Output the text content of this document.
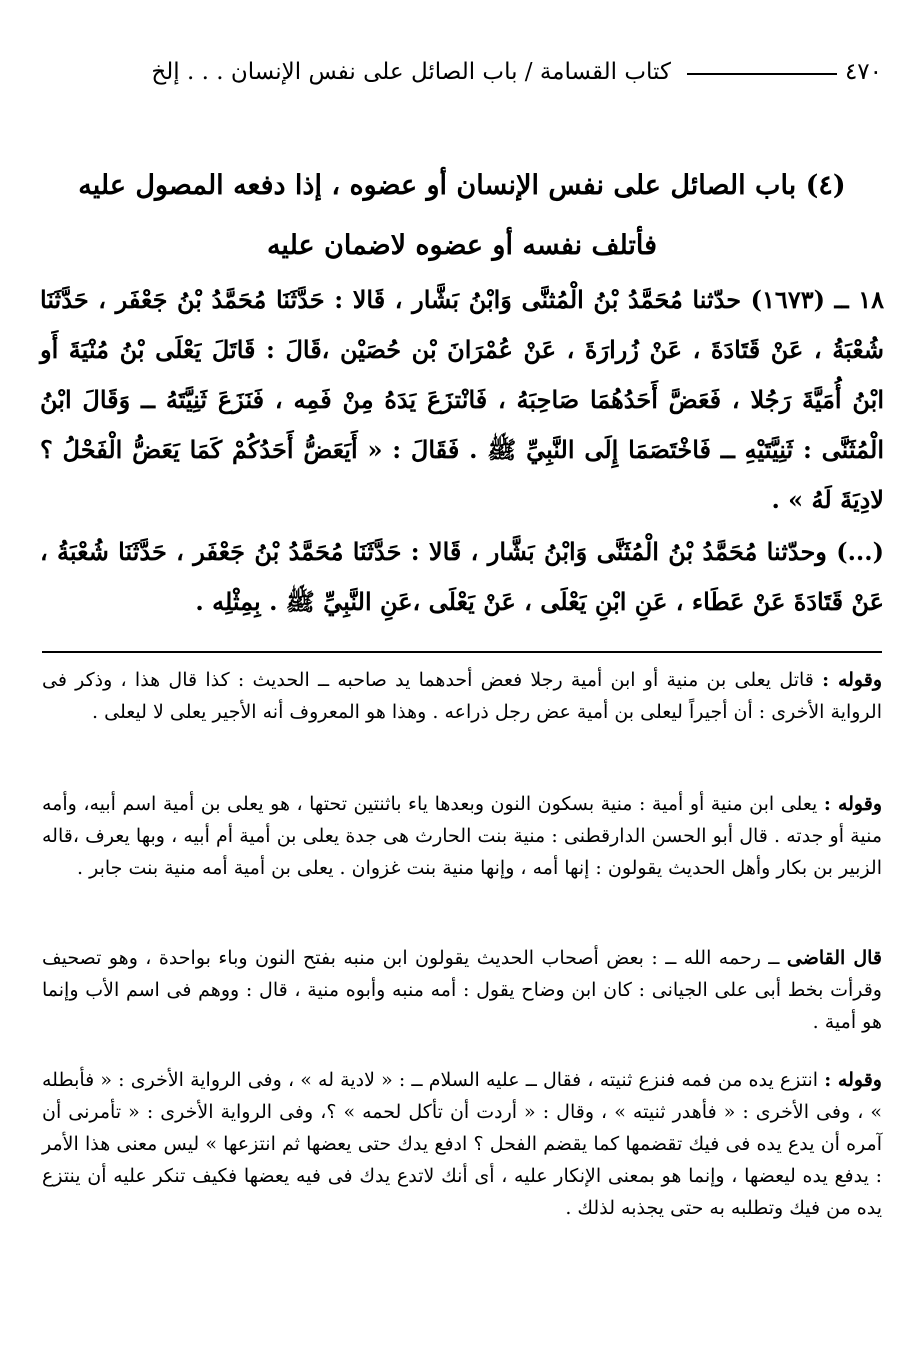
٤٧٠
كتاب القسامة / باب الصائل على نفس الإنسان . . . إلخ
(٤) باب الصائل على نفس الإنسان أو عضوه ، إذا دفعه المصول عليه فأتلف نفسه أو عضوه لاضمان عليه
١٨ ــ (١٦٧٣) حدّثنا مُحَمَّدُ بْنُ الْمُثنَّى وَابْنُ بَشَّار ، قَالا : حَدَّثَنَا مُحَمَّدُ بْنُ جَعْفَر ، حَدَّثَنَا شُعْبَةُ ، عَنْ قَتَادَةَ ، عَنْ زُرارَةَ ، عَنْ عُمْرَانَ بْن حُصَيْن ،قَالَ : قَاتَلَ يَعْلَى بْنُ مُنْيَةَ أَو ابْنُ أُمَيَّةَ رَجُلا ، فَعَضَّ أَحَدُهُمَا صَاحِبَهُ ، فَانْتزَعَ يَدَهُ مِنْ فَمِه ، فَنَزَعَ ثَنِيَّتَهُ ــ وَقَالَ ابْنُ الْمُثَنَّى : ثَنِيَّتَيْهِ ــ فَاخْتَصَمَا إِلَى النَّبِيِّ ﷺ . فَقَالَ : « أَيَعَضُّ أَحَدُكُمْ كَمَا يَعَضُّ الْفَحْلُ ؟ لادِيَةَ لَهُ » .
(...) وحدّثنا مُحَمَّدُ بْنُ الْمُثَنَّى وَابْنُ بَشَّار ، قَالا : حَدَّثَنَا مُحَمَّدُ بْنُ جَعْفَر ، حَدَّثَنَا شُعْبَةُ ، عَنْ قَتَادَةَ عَنْ عَطَاء ، عَنِ ابْنِ يَعْلَى ، عَنْ يَعْلَى ،عَنِ النَّبِيِّ ﷺ . بِمِثْلِه .
وقوله : قاتل يعلى بن منية أو ابن أمية رجلا فعض أحدهما يد صاحبه ــ الحديث : كذا قال هذا ، وذكر فى الرواية الأخرى : أن أجيراً ليعلى بن أمية عض رجل ذراعه . وهذا هو المعروف أنه الأجير يعلى لا ليعلى .
وقوله : يعلى ابن منية أو أمية : منية بسكون النون وبعدها ياء باثنتين تحتها ، هو يعلى بن أمية اسم أبيه، وأمه منية أو جدته . قال أبو الحسن الدارقطنى : منية بنت الحارث هى جدة يعلى بن أمية أم أبيه ، وبها يعرف ،قاله الزبير بن بكار وأهل الحديث يقولون : إنها أمه ، وإنها منية بنت غزوان . يعلى بن أمية أمه منية بنت جابر .
قال القاضى ــ رحمه الله ــ : بعض أصحاب الحديث يقولون ابن منبه بفتح النون وباء بواحدة ، وهو تصحيف وقرأت بخط أبى على الجيانى : كان ابن وضاح يقول : أمه منبه وأبوه منية ، قال : ووهم فى اسم الأب وإنما هو أمية .
وقوله : انتزع يده من فمه فنزع ثنيته ، فقال ــ عليه السلام ــ : « لادية له » ، وفى الرواية الأخرى : « فأبطله » ، وفى الأخرى : « فأهدر ثنيته » ، وقال : « أردت أن تأكل لحمه » ؟، وفى الرواية الأخرى : « تأمرنى أن آمره أن يدع يده فى فيك تقضمها كما يقضم الفحل ؟ ادفع يدك حتى يعضها ثم انتزعها » ليس معنى هذا الأمر : يدفع يده ليعضها ، وإنما هو بمعنى الإنكار عليه ، أى أنك لاتدع يدك فى فيه يعضها فكيف تنكر عليه أن ينتزع يده من فيك وتطلبه به حتى يجذبه لذلك .
